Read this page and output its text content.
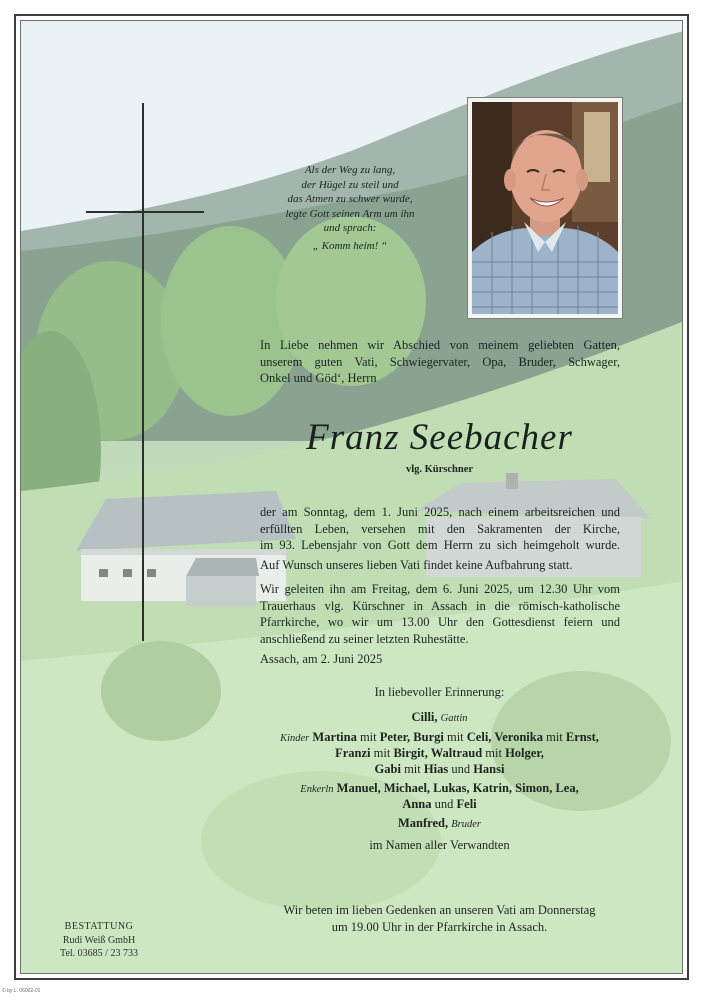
Als der Weg zu lang,
der Hügel zu steil und
das Atmen zu schwer wurde,
legte Gott seinen Arm um ihn
und sprach:
„ Komm heim! “
In Liebe nehmen wir Abschied von meinem geliebten Gatten,
unserem guten Vati, Schwiegervater, Opa, Bruder, Schwager,
Onkel und Göd‘, Herrn
Franz Seebacher
vlg. Kürschner
der am Sonntag, dem 1. Juni 2025, nach einem arbeitsreichen und
erfüllten Leben, versehen mit den Sakramenten der Kirche,
im 93. Lebensjahr von Gott dem Herrn zu sich heimgeholt wurde.
Auf Wunsch unseres lieben Vati findet keine Aufbahrung statt.
Wir geleiten ihn am Freitag, dem 6. Juni 2025, um 12.30 Uhr vom
Trauerhaus vlg. Kürschner in Assach in die römisch-katholische
Pfarrkirche, wo wir um 13.00 Uhr den Gottesdienst feiern und
anschließend zu seiner letzten Ruhestätte.
Assach, am 2. Juni 2025
In liebevoller Erinnerung:
Cilli, Gattin
Kinder Martina mit Peter, Burgi mit Celi, Veronika mit Ernst,
Franzi mit Birgit, Waltraud mit Holger,
Gabi mit Hias und Hansi
Enkerln Manuel, Michael, Lukas, Katrin, Simon, Lea,
Anna und Feli
Manfred, Bruder
im Namen aller Verwandten
Wir beten im lieben Gedenken an unseren Vati am Donnerstag
um 19.00 Uhr in der Pfarrkirche in Assach.
BESTATTUNG
Rudi Weiß GmbH
Tel. 03685 / 23 733
© by L. 06002-01
